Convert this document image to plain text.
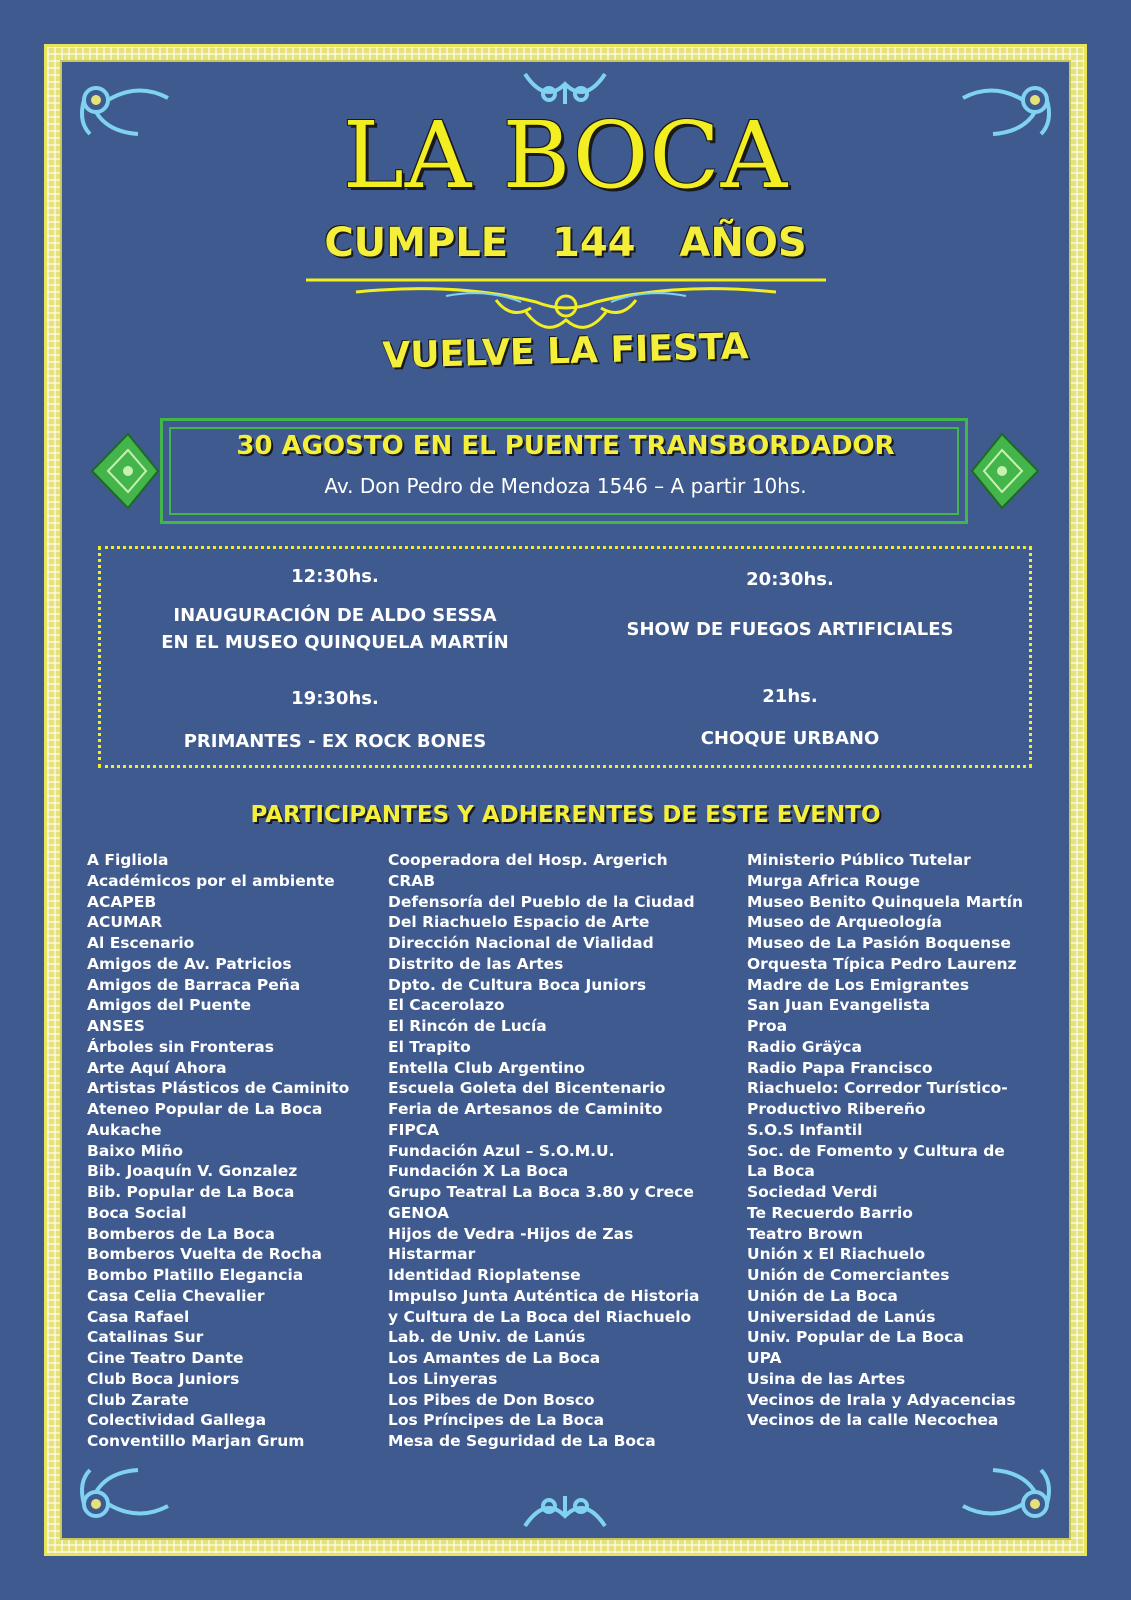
LA BOCA
CUMPLE 144 AÑOS
VUELVE LA FIESTA
30 AGOSTO EN EL PUENTE TRANSBORDADOR
Av. Don Pedro de Mendoza 1546 – A partir 10hs.
12:30hs.
INAUGURACIÓN DE ALDO SESSA
EN EL MUSEO QUINQUELA MARTÍN
20:30hs.
SHOW DE FUEGOS ARTIFICIALES
19:30hs.
PRIMANTES - EX ROCK BONES
21hs.
CHOQUE URBANO
PARTICIPANTES Y ADHERENTES DE ESTE EVENTO
A Figliola
Académicos por el ambiente
ACAPEB
ACUMAR
Al Escenario
Amigos de Av. Patricios
Amigos de Barraca Peña
Amigos del Puente
ANSES
Árboles sin Fronteras
Arte Aquí Ahora
Artistas Plásticos de Caminito
Ateneo Popular de La Boca
Aukache
Baixo Miño
Bib. Joaquín V. Gonzalez
Bib. Popular de La Boca
Boca Social
Bomberos de La Boca
Bomberos Vuelta de Rocha
Bombo Platillo Elegancia
Casa Celia Chevalier
Casa Rafael
Catalinas Sur
Cine Teatro Dante
Club Boca Juniors
Club Zarate
Colectividad Gallega
Conventillo Marjan Grum
Cooperadora del Hosp. Argerich
CRAB
Defensoría del Pueblo de la Ciudad
Del Riachuelo Espacio de Arte
Dirección Nacional de Vialidad
Distrito de las Artes
Dpto. de Cultura Boca Juniors
El Cacerolazo
El Rincón de Lucía
El Trapito
Entella Club Argentino
Escuela Goleta del Bicentenario
Feria de Artesanos de Caminito
FIPCA
Fundación Azul – S.O.M.U.
Fundación X La Boca
Grupo Teatral La Boca 3.80 y Crece
GENOA
Hijos de Vedra -Hijos de Zas
Histarmar
Identidad Rioplatense
Impulso Junta Auténtica de Historia
y Cultura de La Boca del Riachuelo
Lab. de Univ. de Lanús
Los Amantes de La Boca
Los Linyeras
Los Pibes de Don Bosco
Los Príncipes de La Boca
Mesa de Seguridad de La Boca
Ministerio Público Tutelar
Murga Africa Rouge
Museo Benito Quinquela Martín
Museo de Arqueología
Museo de La Pasión Boquense
Orquesta Típica Pedro Laurenz
Madre de Los Emigrantes
San Juan Evangelista
Proa
Radio Gräÿca
Radio Papa Francisco
Riachuelo: Corredor Turístico-
Productivo Ribereño
S.O.S Infantil
Soc. de Fomento y Cultura de
La Boca
Sociedad Verdi
Te Recuerdo Barrio
Teatro Brown
Unión x El Riachuelo
Unión de Comerciantes
Unión de La Boca
Universidad de Lanús
Univ. Popular de La Boca
UPA
Usina de las Artes
Vecinos de Irala y Adyacencias
Vecinos de la calle Necochea
